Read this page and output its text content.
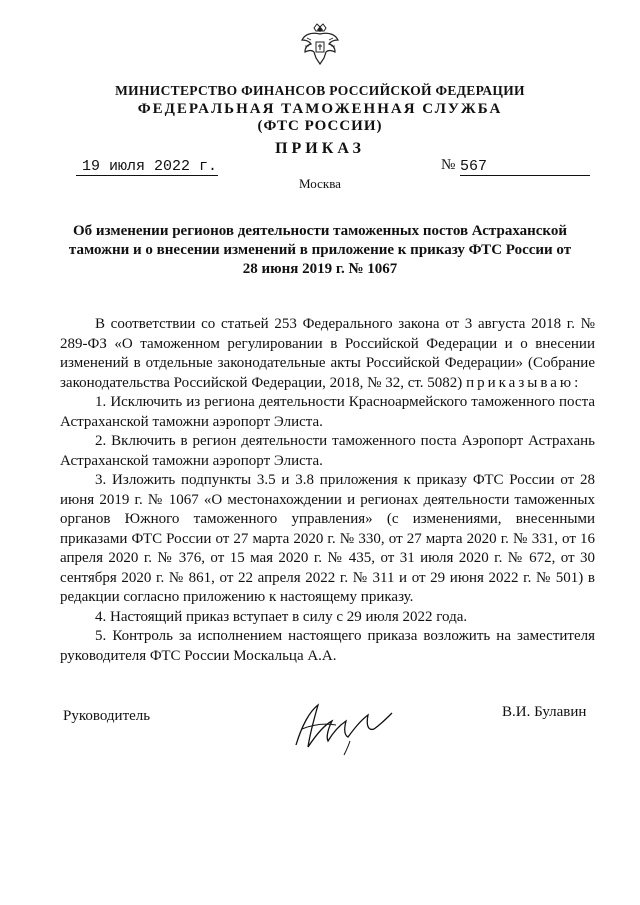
МИНИСТЕРСТВО ФИНАНСОВ РОССИЙСКОЙ ФЕДЕРАЦИИ
ФЕДЕРАЛЬНАЯ ТАМОЖЕННАЯ СЛУЖБА
(ФТС РОССИИ)
ПРИКАЗ
19 июля 2022 г.	№ 567
Москва
Об изменении регионов деятельности таможенных постов Астраханской таможни и о внесении изменений в приложение к приказу ФТС России от 28 июня 2019 г. № 1067

В соответствии со статьей 253 Федерального закона от 3 августа 2018 г. № 289-ФЗ «О таможенном регулировании в Российской Федерации и о внесении изменений в отдельные законодательные акты Российской Федерации» (Собрание законодательства Российской Федерации, 2018, № 32, ст. 5082) приказываю:

1. Исключить из региона деятельности Красноармейского таможенного поста Астраханской таможни аэропорт Элиста.

2. Включить в регион деятельности таможенного поста Аэропорт Астрахань Астраханской таможни аэропорт Элиста.

3. Изложить подпункты 3.5 и 3.8 приложения к приказу ФТС России от 28 июня 2019 г. № 1067 «О местонахождении и регионах деятельности таможенных органов Южного таможенного управления» (с изменениями, внесенными приказами ФТС России от 27 марта 2020 г. № 330, от 27 марта 2020 г. № 331, от 16 апреля 2020 г. № 376, от 15 мая 2020 г. № 435, от 31 июля 2020 г. № 672, от 30 сентября 2020 г. № 861, от 22 апреля 2022 г. № 311 и от 29 июня 2022 г. № 501) в редакции согласно приложению к настоящему приказу.

4. Настоящий приказ вступает в силу с 29 июля 2022 года.

5. Контроль за исполнением настоящего приказа возложить на заместителя руководителя ФТС России Москальца А.А.

Руководитель	В.И. Булавин
